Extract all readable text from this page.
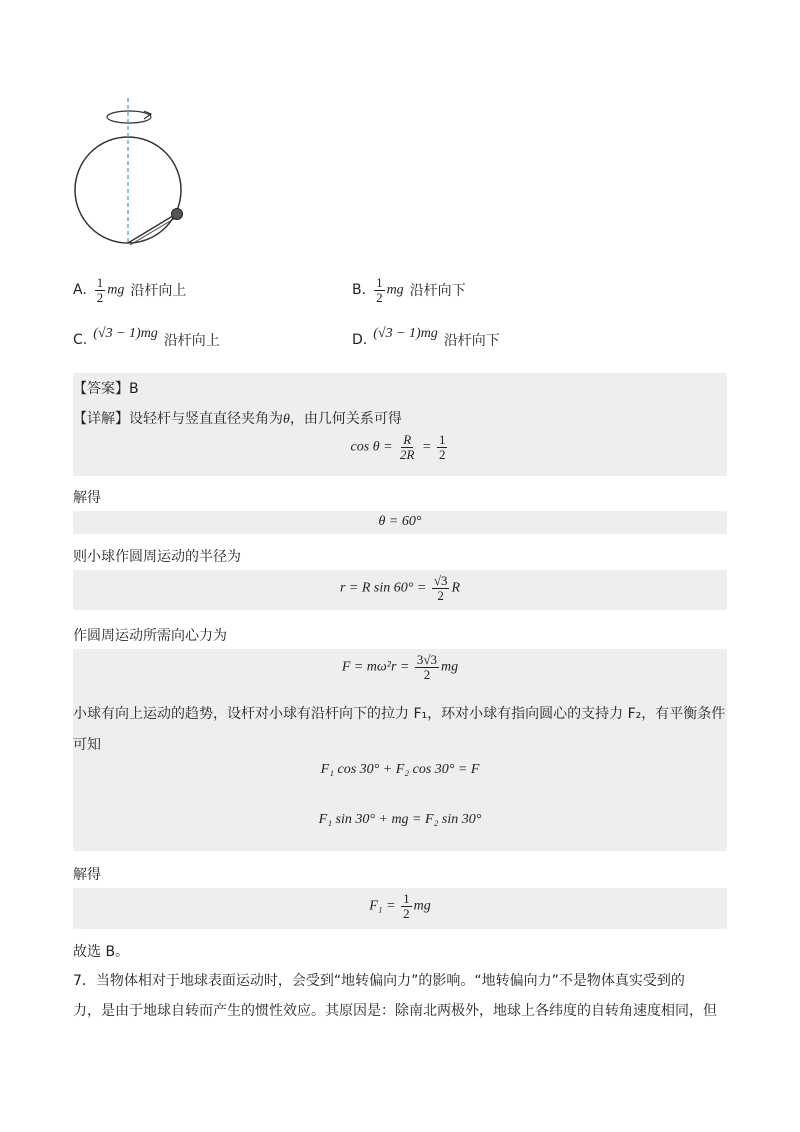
A. $\frac{1}{2}$ mg 沿杆向上	B. $\frac{1}{2}$ mg 沿杆向下
C. (√3 − 1)mg 沿杆向上	D. (√3 − 1)mg 沿杆向下
【答案】B
【详解】设轻杆与竖直直径夹角为θ，由几何关系可得
$\cos \theta = \frac{R}{2R} = \frac{1}{2}$
解得
θ = 60°
则小球作圆周运动的半径为
r = R $\sin 60^\circ = \frac{√3}{2}$ R
作圆周运动所需向心力为
$F = m\omega^2r = \frac{3√3}{2}$ mg
小球有向上运动的趋势，设杆对小球有沿杆向下的拉力 F₁，环对小球有指向圆心的支持力 F₂，有平衡条件
可知
F₁ cos 30° + F₂ cos 30° = F
F₁ sin 30° + mg = F₂ sin 30°
解得
$F_1 = \frac{1}{2}$ mg
故选 B。
7．当物体相对于地球表面运动时，会受到“地转偏向力”的影响。“地转偏向力”不是物体真实受到的
力，是由于地球自转而产生的惯性效应。其原因是：除南北两极外，地球上各纬度的自转角速度相同，但
